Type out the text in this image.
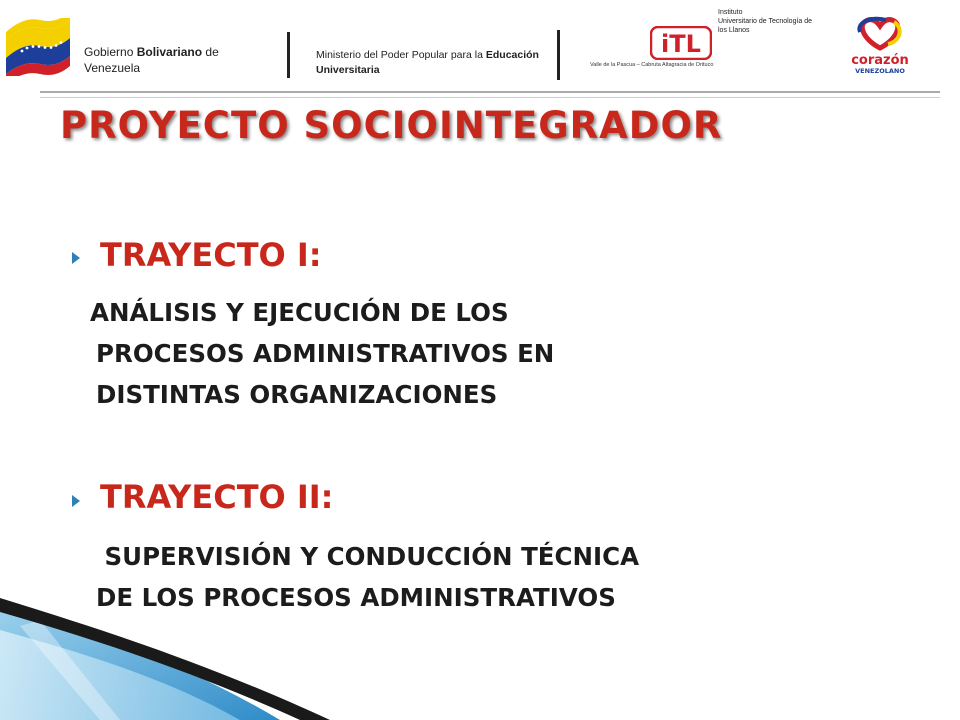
Gobierno Bolivariano de
Venezuela
Ministerio del Poder Popular para la Educación
Universitaria
iTL
Instituto
Universitario de Tecnología de
los Llanos
Valle de la Pascua – Cabruta Altagracia de Orituco	corazón
VENEZOLANO
PROYECTO SOCIOINTEGRADOR
TRAYECTO I:
ANÁLISIS Y EJECUCIÓN DE LOS
PROCESOS ADMINISTRATIVOS EN
DISTINTAS ORGANIZACIONES
TRAYECTO II:
SUPERVISIÓN Y CONDUCCIÓN TÉCNICA
DE LOS PROCESOS ADMINISTRATIVOS
